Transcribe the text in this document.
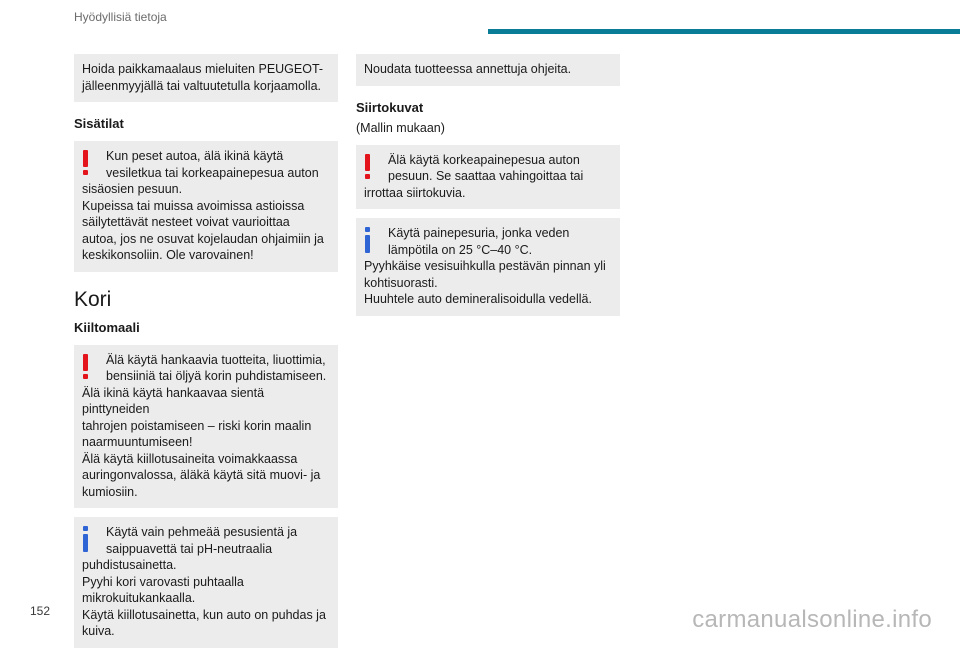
Hyödyllisiä tietoja
Hoida paikkamaalaus mieluiten PEUGEOT-
jälleenmyyjällä tai valtuutetulla korjaamolla.
Sisätilat
Kun peset autoa, älä ikinä käytä
vesiletkua tai korkeapainepesua auton
sisäosien pesuun.
Kupeissa tai muissa avoimissa astioissa
säilytettävät nesteet voivat vaurioittaa
autoa, jos ne osuvat kojelaudan ohjaimiin ja
keskikonsoliin. Ole varovainen!
Kori
Kiiltomaali
Älä käytä hankaavia tuotteita, liuottimia,
bensiiniä tai öljyä korin puhdistamiseen.
Älä ikinä käytä hankaavaa sientä pinttyneiden
tahrojen poistamiseen – riski korin maalin
naarmuuntumiseen!
Älä käytä kiillotusaineita voimakkaassa
auringonvalossa, äläkä käytä sitä muovi- ja
kumiosiin.
Käytä vain pehmeää pesusientä ja
saippuavettä tai pH-neutraalia
puhdistusainetta.
Pyyhi kori varovasti puhtaalla
mikrokuitukankaalla.
Käytä kiillotusainetta, kun auto on puhdas ja
kuiva.
Noudata tuotteessa annettuja ohjeita.
Siirtokuvat
(Mallin mukaan)
Älä käytä korkeapainepesua auton
pesuun. Se saattaa vahingoittaa tai
irrottaa siirtokuvia.
Käytä painepesuria, jonka veden
lämpötila on 25 °C–40 °C.
Pyyhkäise vesisuihkulla pestävän pinnan yli
kohtisuorasti.
Huuhtele auto demineralisoidulla vedellä.
152	carmanualsonline.info
